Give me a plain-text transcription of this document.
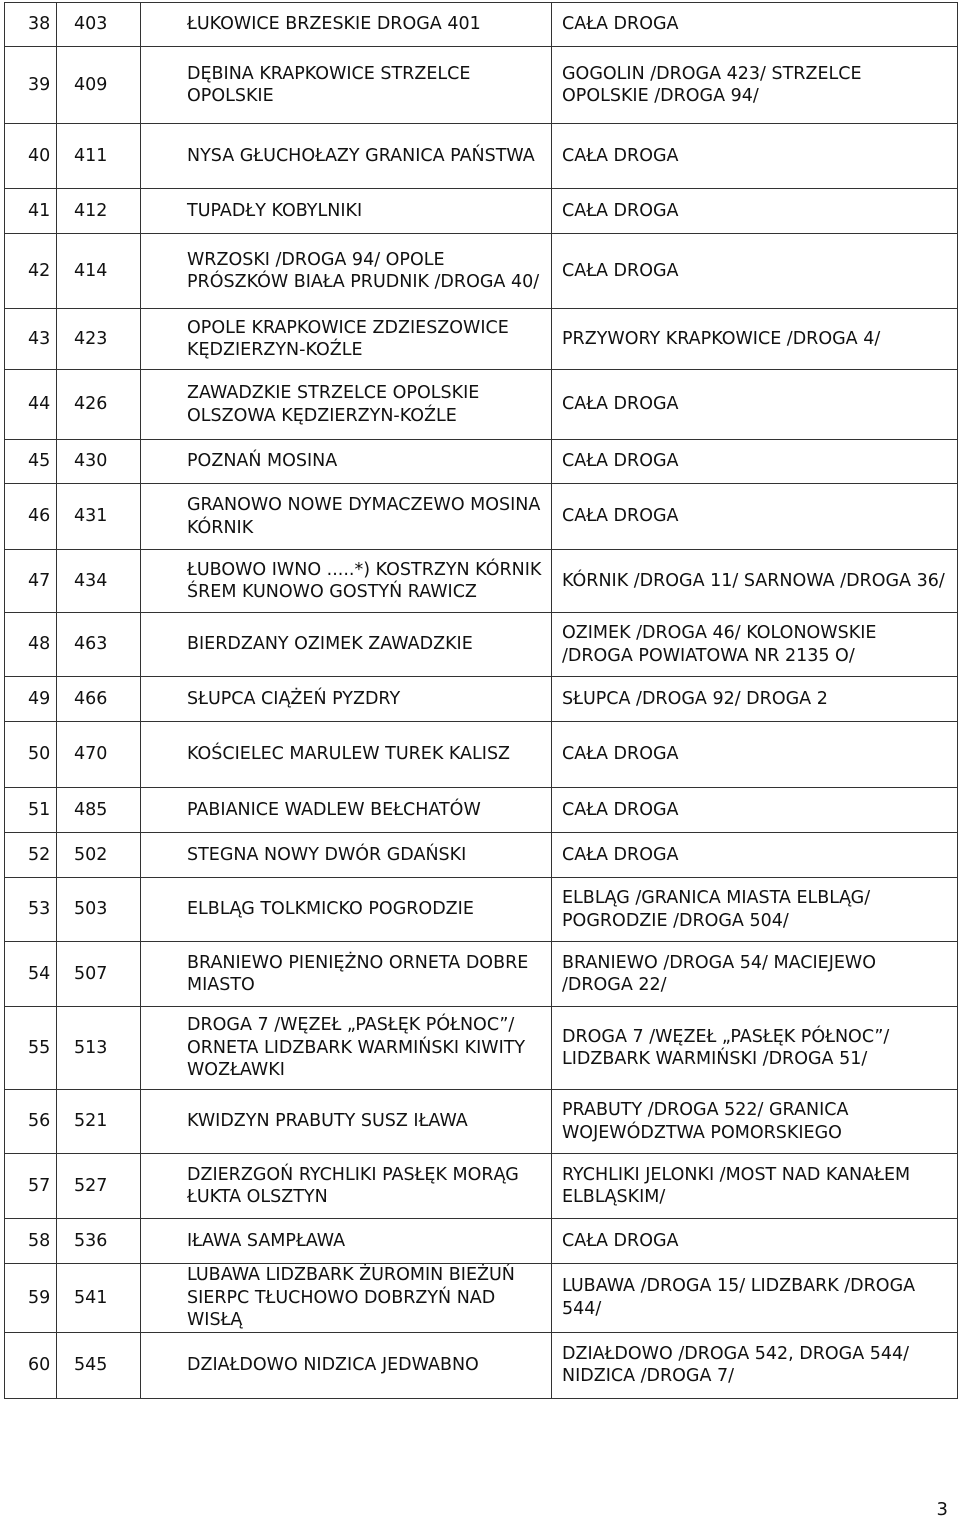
38	403	ŁUKOWICE BRZESKIE DROGA 401	CAŁA DROGA
39	409	DĘBINA KRAPKOWICE STRZELCE OPOLSKIE	GOGOLIN /DROGA 423/ STRZELCE OPOLSKIE /DROGA 94/
40	411	NYSA GŁUCHOŁAZY GRANICA PAŃSTWA	CAŁA DROGA
41	412	TUPADŁY KOBYLNIKI	CAŁA DROGA
42	414	WRZOSKI /DROGA 94/ OPOLE PRÓSZKÓW BIAŁA PRUDNIK /DROGA 40/	CAŁA DROGA
43	423	OPOLE KRAPKOWICE ZDZIESZOWICE KĘDZIERZYN-KOŹLE	PRZYWORY KRAPKOWICE /DROGA 4/
44	426	ZAWADZKIE STRZELCE OPOLSKIE OLSZOWA KĘDZIERZYN-KOŹLE	CAŁA DROGA
45	430	POZNAŃ MOSINA	CAŁA DROGA
46	431	GRANOWO NOWE DYMACZEWO MOSINA KÓRNIK	CAŁA DROGA
47	434	ŁUBOWO IWNO .....*) KOSTRZYN KÓRNIK ŚREM KUNOWO GOSTYŃ RAWICZ	KÓRNIK /DROGA 11/ SARNOWA /DROGA 36/
48	463	BIERDZANY OZIMEK ZAWADZKIE	OZIMEK /DROGA 46/ KOLONOWSKIE /DROGA POWIATOWA NR 2135 O/
49	466	SŁUPCA CIĄŻEŃ PYZDRY	SŁUPCA /DROGA 92/ DROGA 2
50	470	KOŚCIELEC MARULEW TUREK KALISZ	CAŁA DROGA
51	485	PABIANICE WADLEW BEŁCHATÓW	CAŁA DROGA
52	502	STEGNA NOWY DWÓR GDAŃSKI	CAŁA DROGA
53	503	ELBLĄG TOLKMICKO POGRODZIE	ELBLĄG /GRANICA MIASTA ELBLĄG/ POGRODZIE /DROGA 504/
54	507	BRANIEWO PIENIĘŻNO ORNETA DOBRE MIASTO	BRANIEWO /DROGA 54/ MACIEJEWO /DROGA 22/
55	513	DROGA 7 /WĘZEŁ „PASŁĘK PÓŁNOC”/ ORNETA LIDZBARK WARMIŃSKI KIWITY WOZŁAWKI	DROGA 7 /WĘZEŁ „PASŁĘK PÓŁNOC”/ LIDZBARK WARMIŃSKI /DROGA 51/
56	521	KWIDZYN PRABUTY SUSZ IŁAWA	PRABUTY /DROGA 522/ GRANICA WOJEWÓDZTWA POMORSKIEGO
57	527	DZIERZGOŃ RYCHLIKI PASŁĘK MORĄG ŁUKTA OLSZTYN	RYCHLIKI JELONKI /MOST NAD KANAŁEM ELBLĄSKIM/
58	536	IŁAWA SAMPŁAWA	CAŁA DROGA
59	541	LUBAWA LIDZBARK ŻUROMIN BIEŻUŃ SIERPC TŁUCHOWO DOBRZYŃ NAD WISŁĄ	LUBAWA /DROGA 15/ LIDZBARK /DROGA 544/
60	545	DZIAŁDOWO NIDZICA JEDWABNO	DZIAŁDOWO /DROGA 542, DROGA 544/ NIDZICA /DROGA 7/
3
